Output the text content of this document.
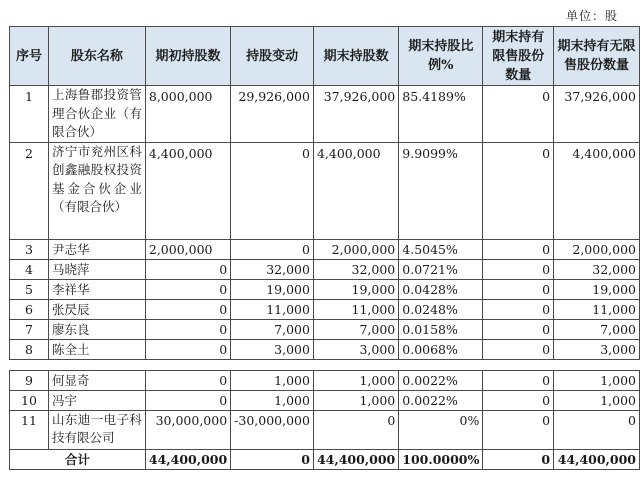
单位：股
序号	股东名称	期初持股数	持股变动	期末持股数	期末持股比例%	期末持有限售股份数量	期末持有无限售股份数量
1	上海鲁郡投资管理合伙企业（有限合伙）	8,000,000	29,926,000	37,926,000	85.4189%	0	37,926,000
2	济宁市兖州区科创鑫融股权投资基金合伙企业（有限合伙）	4,400,000	0	4,400,000	9.9099%	0	4,400,000
3	尹志华	2,000,000	0	2,000,000	4.5045%	0	2,000,000
4	马晓萍	0	32,000	32,000	0.0721%	0	32,000
5	李祥华	0	19,000	19,000	0.0428%	0	19,000
6	张昃辰	0	11,000	11,000	0.0248%	0	11,000
7	廖东良	0	7,000	7,000	0.0158%	0	7,000
8	陈全土	0	3,000	3,000	0.0068%	0	3,000

9	何显奇	0	1,000	1,000	0.0022%	0	1,000
10	冯宇	0	1,000	1,000	0.0022%	0	1,000
11	山东迪一电子科技有限公司	30,000,000	-30,000,000	0	0%	0	0
合计		44,400,000	0	44,400,000	100.0000%	0	44,400,000
